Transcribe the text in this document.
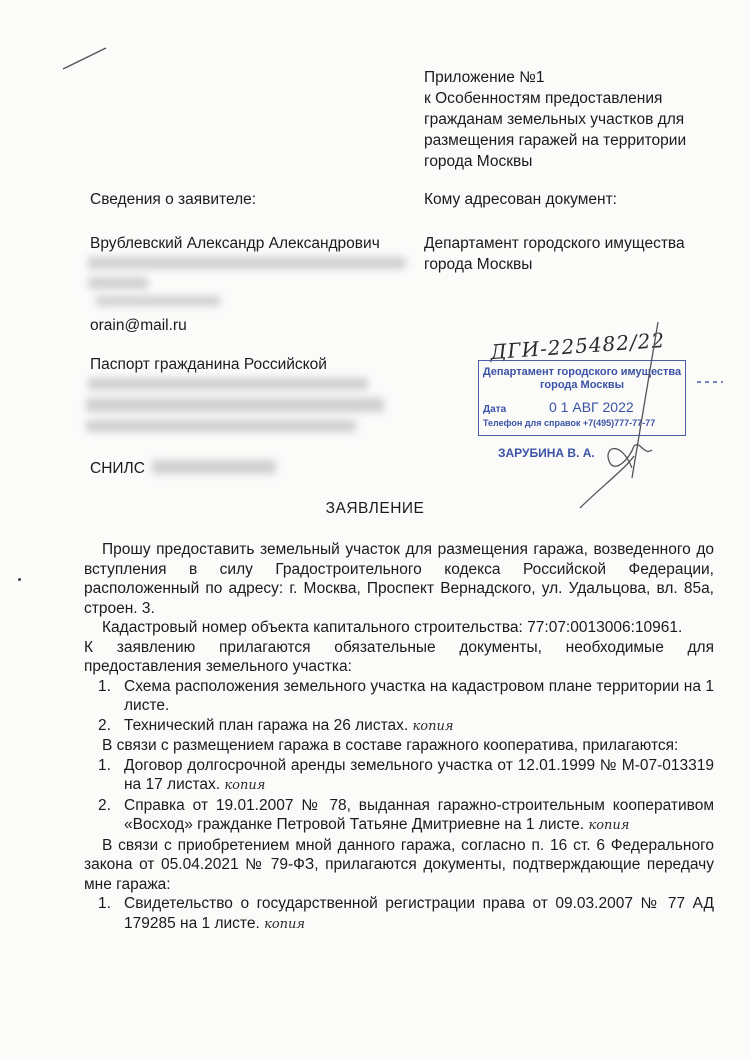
Приложение №1
к Особенностям предоставления
гражданам земельных участков для
размещения гаражей на территории
города Москвы
Сведения о заявителе:
Врублевский Александр Александрович
orain@mail.ru
Паспорт гражданина Российской
СНИЛС
Кому адресован документ:
Департамент городского имущества
города Москвы
ДГИ-225482/22
Департамент городского имущества
города Москвы
Дата	0 1 АВГ 2022
Телефон для справок +7(495)777-77-77
ЗАРУБИНА В. А.
ЗАЯВЛЕНИЕ
Прошу предоставить земельный участок для размещения гаража, возведенного до вступления в силу Градостроительного кодекса Российской Федерации, расположенный по адресу: г. Москва, Проспект Вернадского, ул. Удальцова, вл. 85а, строен. 3.
Кадастровый номер объекта капитального строительства: 77:07:0013006:10961.
К заявлению прилагаются обязательные документы, необходимые для предоставления земельного участка:
1. Схема расположения земельного участка на кадастровом плане территории на 1 листе.
2. Технический план гаража на 26 листах. копия
В связи с размещением гаража в составе гаражного кооператива, прилагаются:
1. Договор долгосрочной аренды земельного участка от 12.01.1999 № М-07-013319 на 17 листах. копия
2. Справка от 19.01.2007 № 78, выданная гаражно-строительным кооперативом «Восход» гражданке Петровой Татьяне Дмитриевне на 1 листе. копия
В связи с приобретением мной данного гаража, согласно п. 16 ст. 6 Федерального закона от 05.04.2021 № 79-ФЗ, прилагаются документы, подтверждающие передачу мне гаража:
1. Свидетельство о государственной регистрации права от 09.03.2007 № 77 АД 179285 на 1 листе. копия
